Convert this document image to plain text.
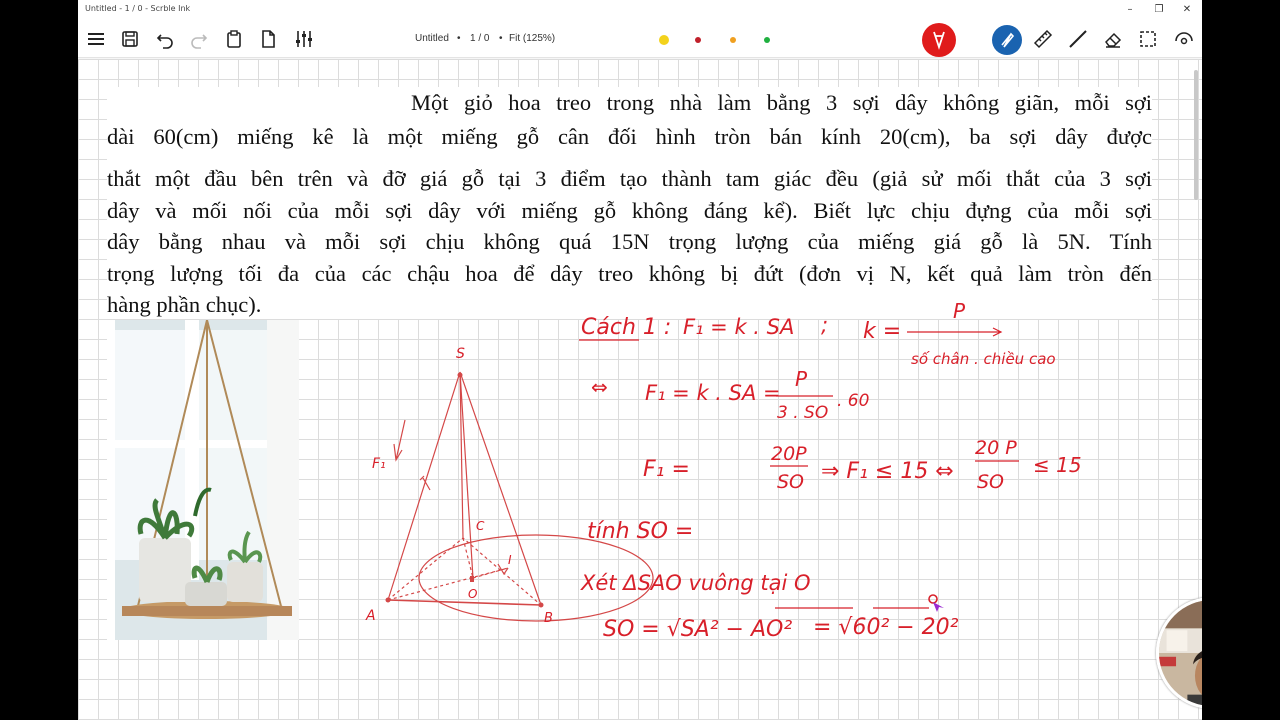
Untitled - 1 / 0 - Scrble Ink	–	❐	✕
Untitled • 1 / 0 • Fit (125%)
Một giỏ hoa treo trong nhà làm bằng 3 sợi dây không giãn, mỗi sợi
dài 60(cm) miếng kê là một miếng gỗ cân đối hình tròn bán kính 20(cm), ba sợi dây được
thắt một đầu bên trên và đỡ giá gỗ tại 3 điểm tạo thành tam giác đều (giả sử mối thắt của 3 sợi
dây và mối nối của mỗi sợi dây với miếng gỗ không đáng kể). Biết lực chịu đựng của mỗi sợi
dây bằng nhau và mỗi sợi chịu không quá 15N trọng lượng của miếng giá gỗ là 5N. Tính
trọng lượng tối đa của các chậu hoa để dây treo không bị đứt (đơn vị N, kết quả làm tròn đến
hàng phần chục).
S
A	B
C
O
I
F₁
Cách 1 : F₁ = k . SA ; k =
P
số chân . chiều cao
⇔ F₁ = k . SA =
P
3 . SO
. 60
F₁ =
20P
SO ⇒ F₁ ≤ 15 ⇔
20 P
SO
≤ 15
tính SO =
Xét ΔSAO vuông tại O
SO = √SA² − AO² = √60² − 20²
